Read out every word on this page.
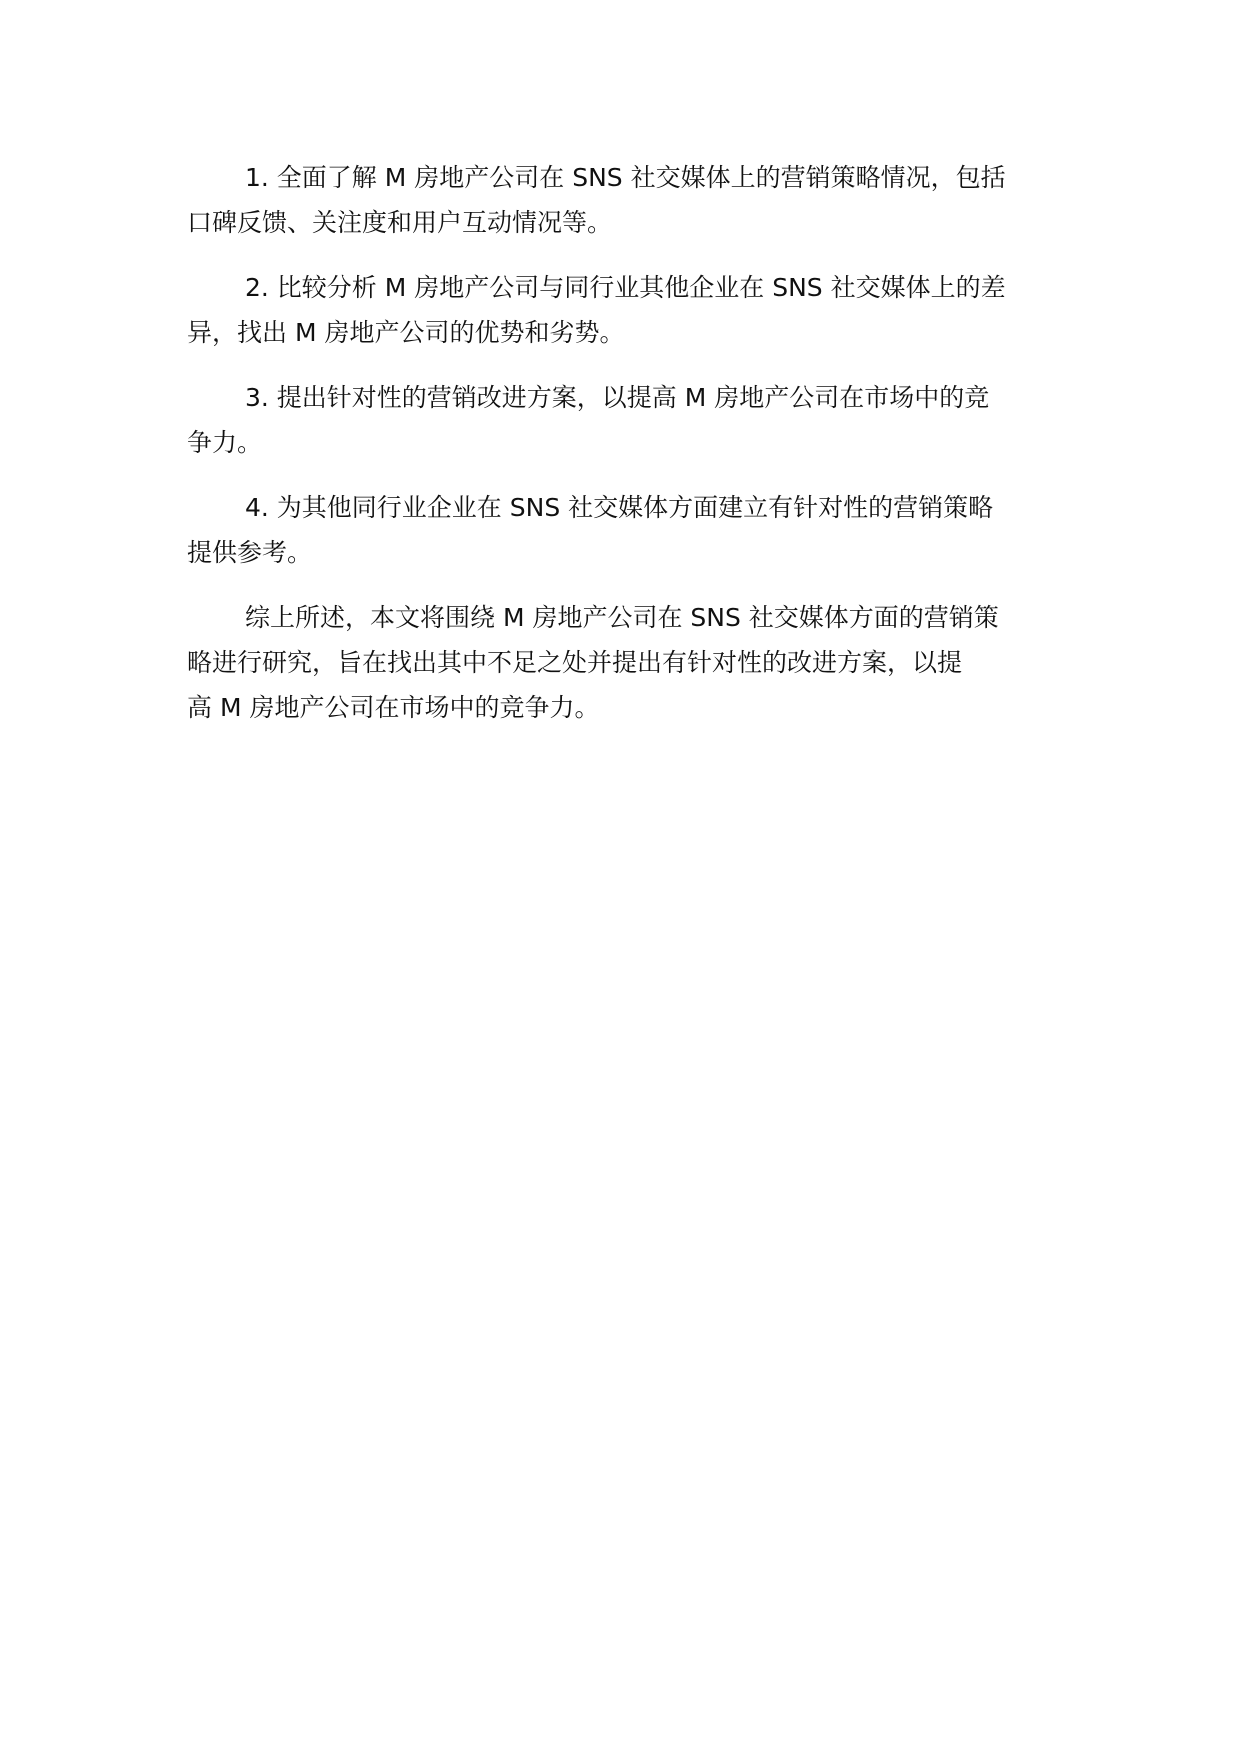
1. 全面了解 M 房地产公司在 SNS 社交媒体上的营销策略情况，包括
口碑反馈、关注度和用户互动情况等。

2. 比较分析 M 房地产公司与同行业其他企业在 SNS 社交媒体上的差
异，找出 M 房地产公司的优势和劣势。

3. 提出针对性的营销改进方案，以提高 M 房地产公司在市场中的竞
争力。

4. 为其他同行业企业在 SNS 社交媒体方面建立有针对性的营销策略
提供参考。

综上所述，本文将围绕 M 房地产公司在 SNS 社交媒体方面的营销策
略进行研究，旨在找出其中不足之处并提出有针对性的改进方案，以提
高 M 房地产公司在市场中的竞争力。
